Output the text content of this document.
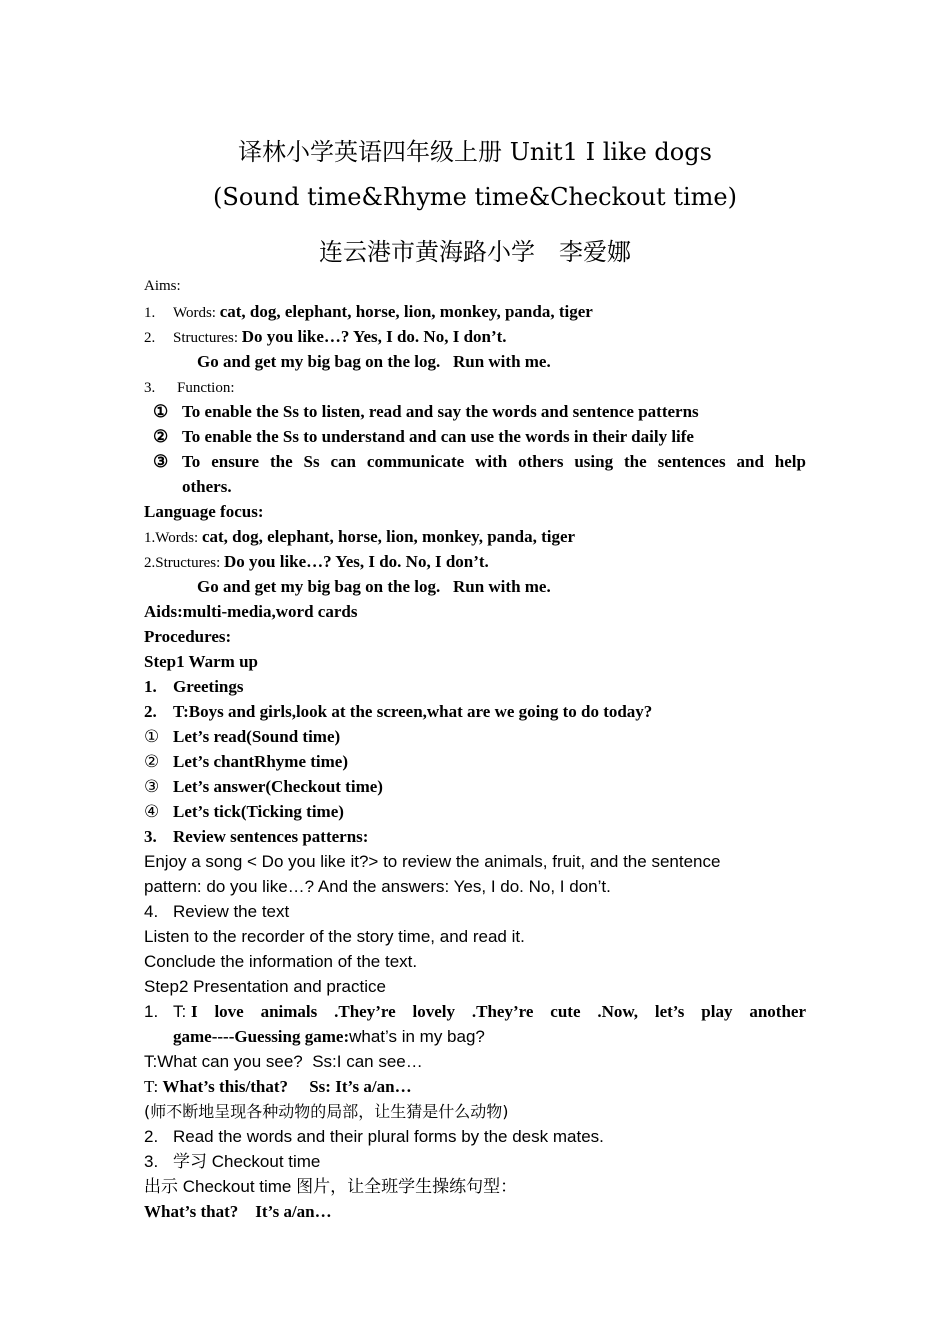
译林小学英语四年级上册 Unit1 I like dogs
(Sound time&Rhyme time&Checkout time)
连云港市黄海路小学　李爱娜
Aims:
1. Words: cat, dog, elephant, horse, lion, monkey, panda, tiger
2. Structures: Do you like…? Yes, I do. No, I don’t.
Go and get my big bag on the log.   Run with me.
3. Function:
① To enable the Ss to listen, read and say the words and sentence patterns
② To enable the Ss to understand and can use the words in their daily life
③ To ensure the Ss can communicate with others using the sentences and help
others.
Language focus:
1.Words: cat, dog, elephant, horse, lion, monkey, panda, tiger
2.Structures: Do you like…? Yes, I do. No, I don’t.
Go and get my big bag on the log.   Run with me.
Aids:multi-media,word cards
Procedures:
Step1 Warm up
1. Greetings
2. T:Boys and girls,look at the screen,what are we going to do today?
① Let’s read(Sound time)
② Let’s chantRhyme time)
③ Let’s answer(Checkout time)
④ Let’s tick(Ticking time)
3. Review sentences patterns:
Enjoy a song < Do you like it?> to review the animals, fruit, and the sentence
pattern: do you like…? And the answers: Yes, I do. No, I don’t.
4. Review the text
Listen to the recorder of the story time, and read it.
Conclude the information of the text.
Step2 Presentation and practice
1. T: I love animals .They’re lovely .They’re cute .Now, let’s play another
game----Guessing game:what’s in my bag?
T:What can you see?  Ss:I can see…
T: What’s this/that?     Ss: It’s a/an…
(师不断地呈现各种动物的局部，让生猜是什么动物)
2. Read the words and their plural forms by the desk mates.
3. 学习 Checkout time
出示 Checkout time 图片，让全班学生操练句型：
What’s that?    It’s a/an…
